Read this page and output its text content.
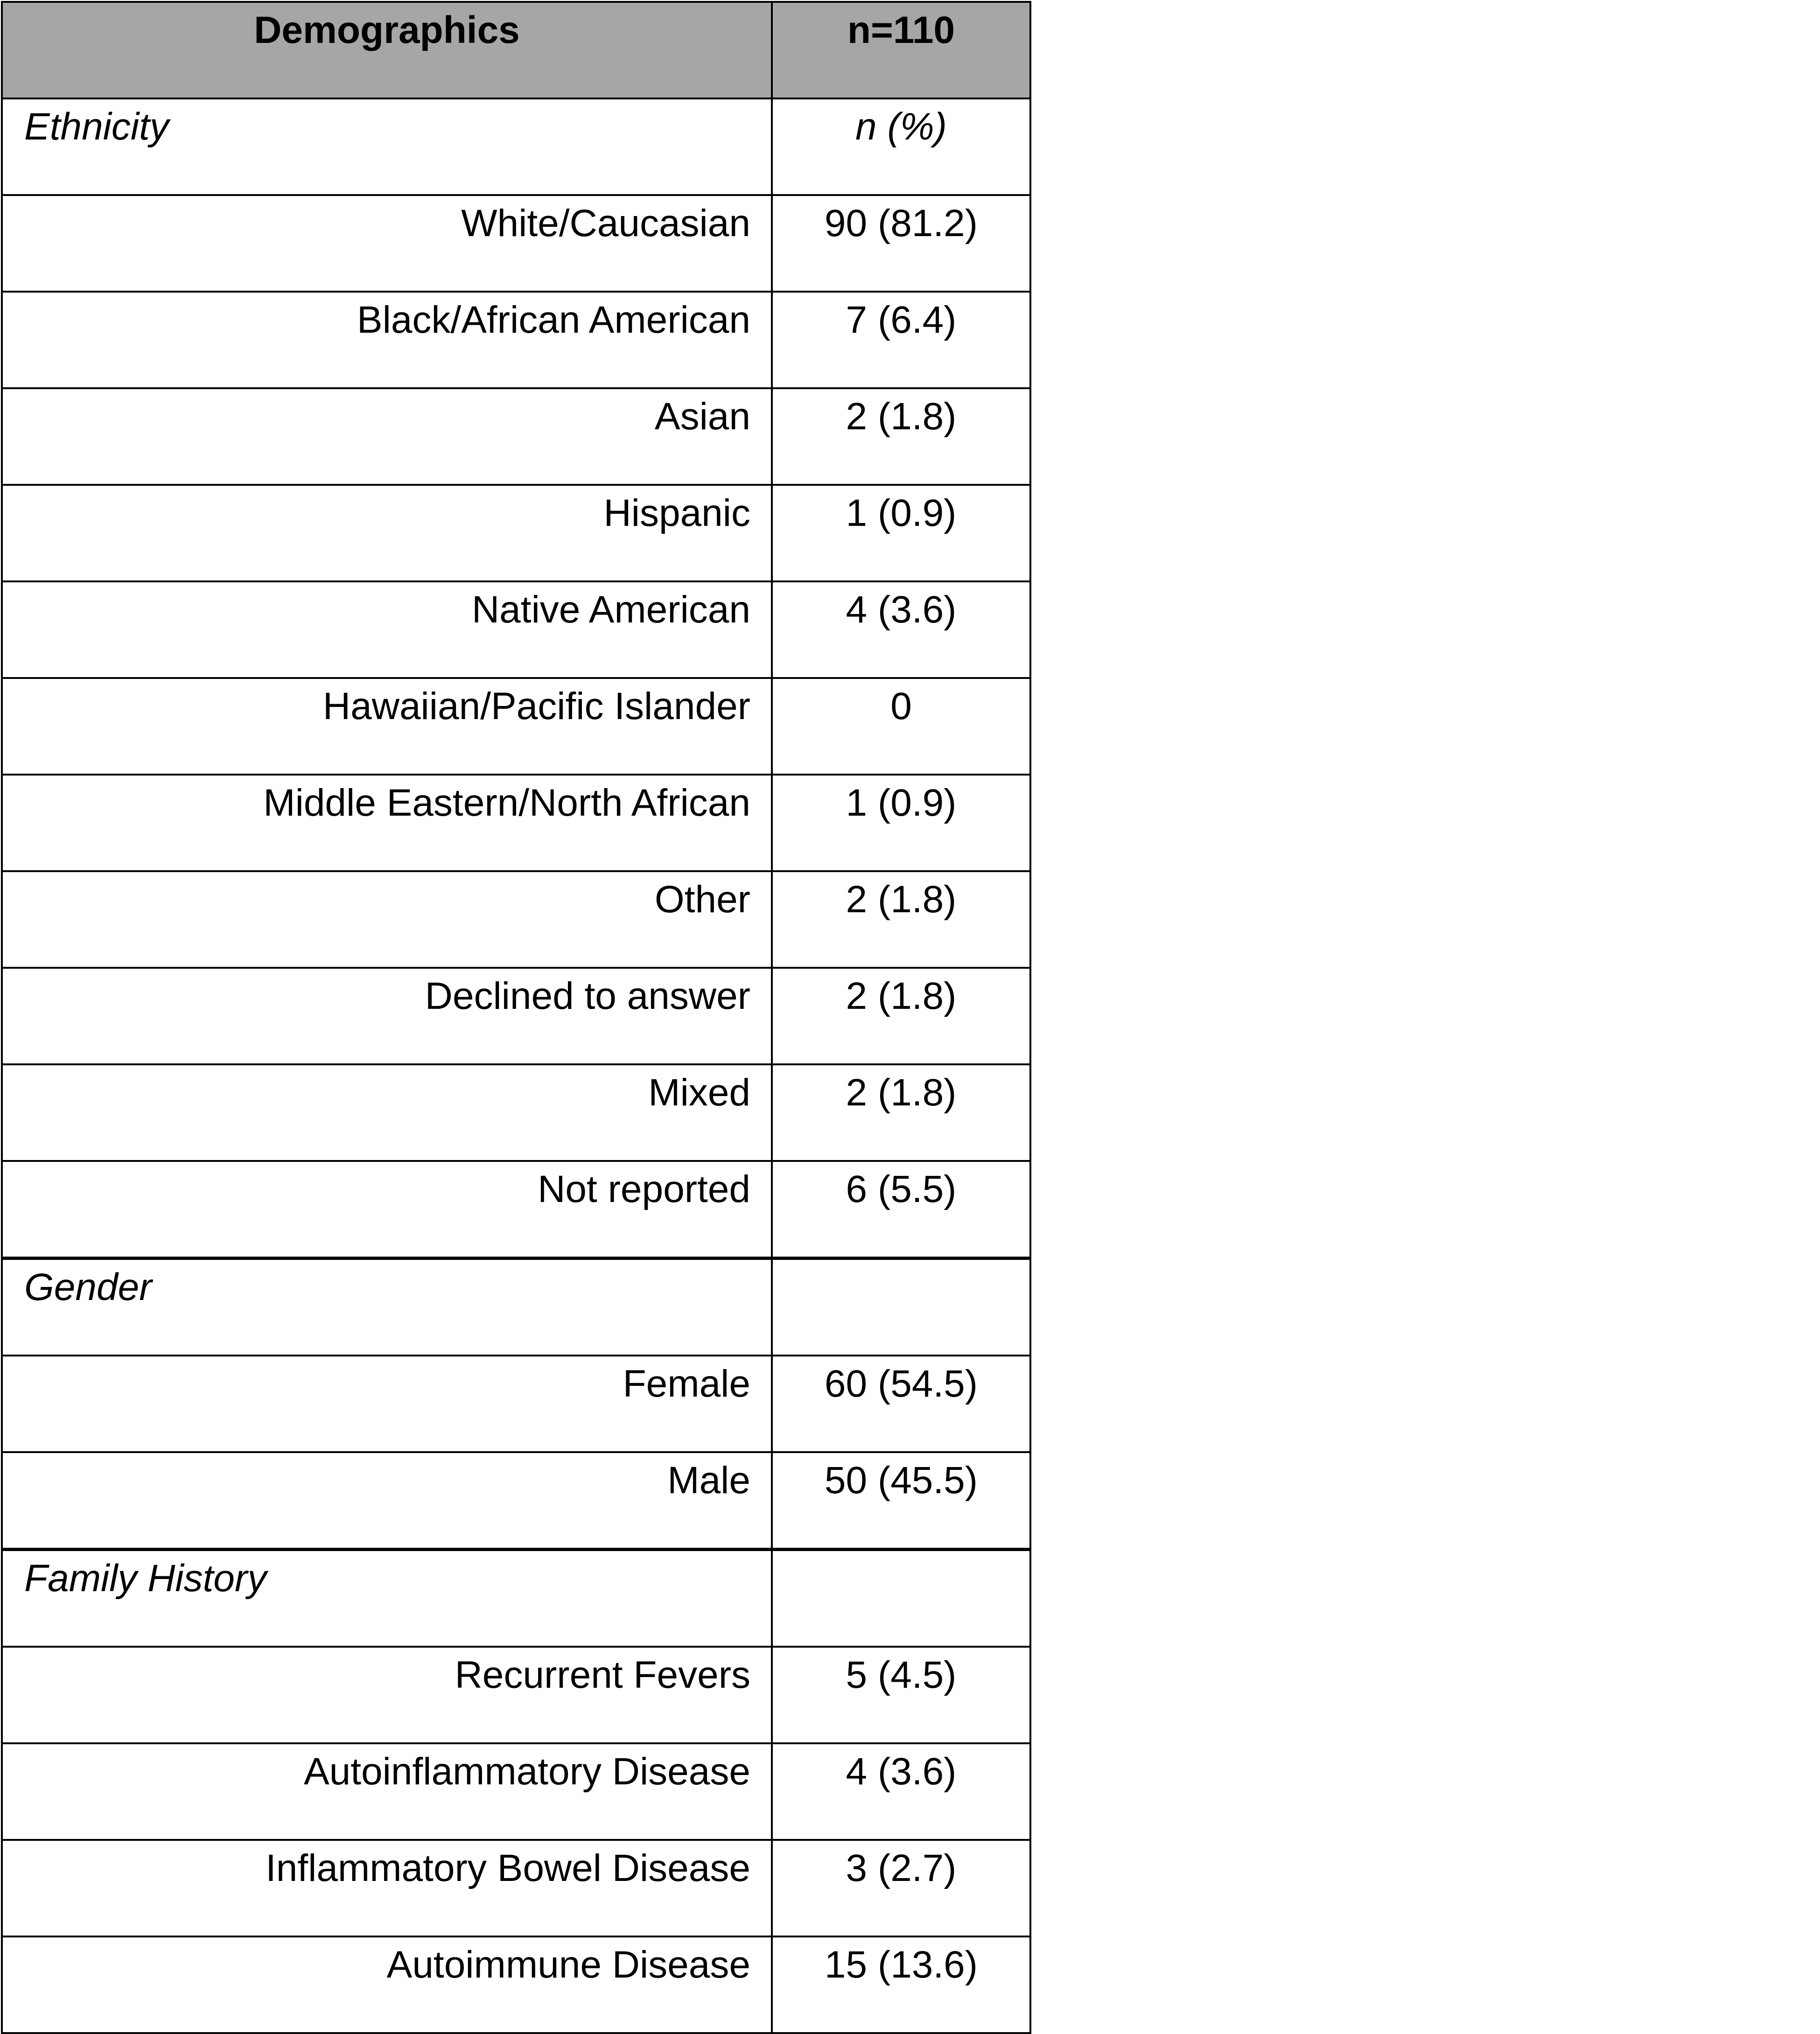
Demographics	n=110
Ethnicity	n (%)
White/Caucasian	90 (81.2)
Black/African American	7 (6.4)
Asian	2 (1.8)
Hispanic	1 (0.9)
Native American	4 (3.6)
Hawaiian/Pacific Islander	0
Middle Eastern/North African	1 (0.9)
Other	2 (1.8)
Declined to answer	2 (1.8)
Mixed	2 (1.8)
Not reported	6 (5.5)
Gender	
Female	60 (54.5)
Male	50 (45.5)
Family History	
Recurrent Fevers	5 (4.5)
Autoinflammatory Disease	4 (3.6)
Inflammatory Bowel Disease	3 (2.7)
Autoimmune Disease	15 (13.6)
